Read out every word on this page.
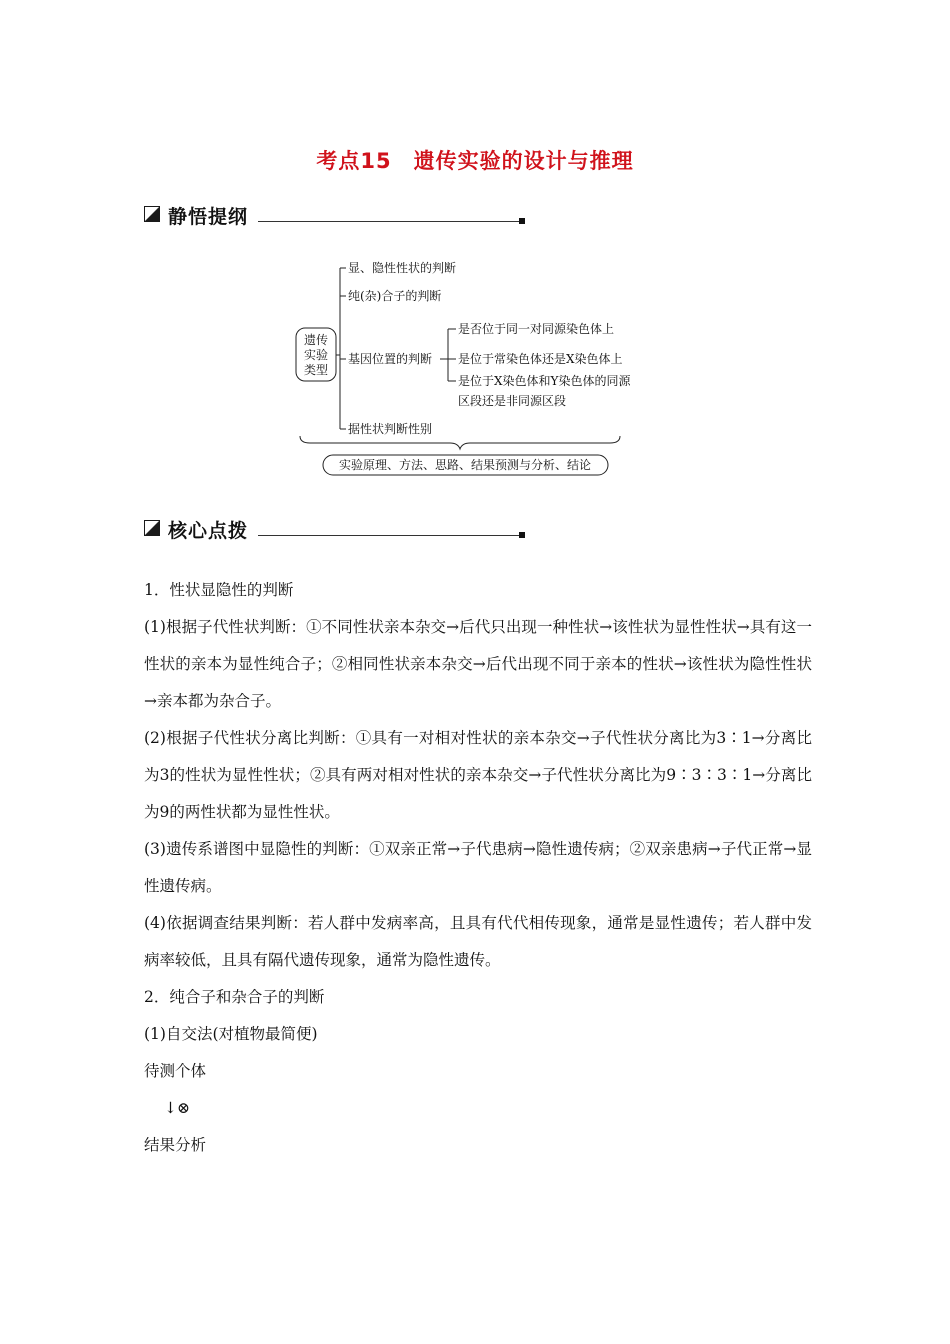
考点15 遗传实验的设计与推理
静悟提纲
遗传
实验
类型
显、隐性性状的判断
纯(杂)合子的判断
基因位置的判断
据性状判断性别
是否位于同一对同源染色体上
是位于常染色体还是X染色体上
是位于X染色体和Y染色体的同源
区段还是非同源区段
实验原理、方法、思路、结果预测与分析、结论
核心点拨

1．性状显隐性的判断

(1)根据子代性状判断：①不同性状亲本杂交→后代只出现一种性状→该性状为显性性状→具有这一性状的亲本为显性纯合子；②相同性状亲本杂交→后代出现不同于亲本的性状→该性状为隐性性状→亲本都为杂合子。

(2)根据子代性状分离比判断：①具有一对相对性状的亲本杂交→子代性状分离比为3∶1→分离比为3的性状为显性性状；②具有两对相对性状的亲本杂交→子代性状分离比为9∶3∶3∶1→分离比为9的两性状都为显性性状。

(3)遗传系谱图中显隐性的判断：①双亲正常→子代患病→隐性遗传病；②双亲患病→子代正常→显性遗传病。

(4)依据调查结果判断：若人群中发病率高，且具有代代相传现象，通常是显性遗传；若人群中发病率较低，且具有隔代遗传现象，通常为隐性遗传。

2．纯合子和杂合子的判断

(1)自交法(对植物最简便)

待测个体

↓⊗

结果分析
